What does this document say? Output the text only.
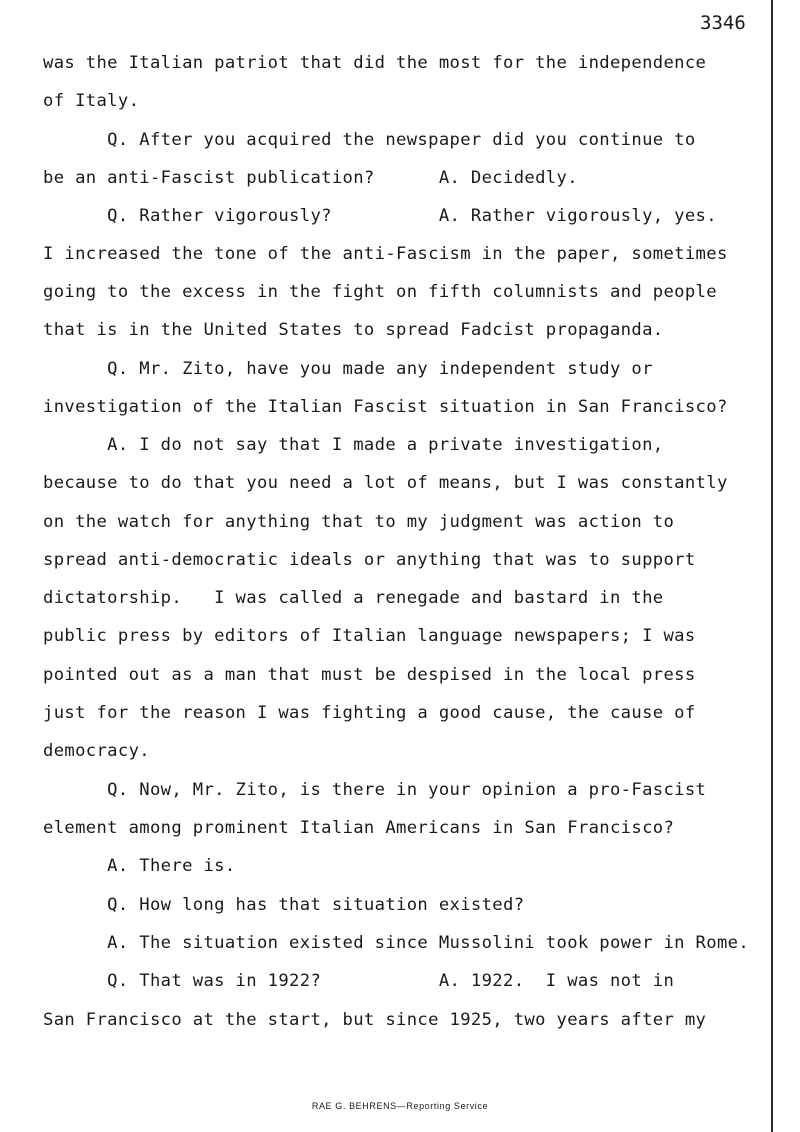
3346
was the Italian patriot that did the most for the independence
of Italy.
Q. After you acquired the newspaper did you continue to
be an anti-Fascist publication?      A. Decidedly.
Q. Rather vigorously?          A. Rather vigorously, yes.
I increased the tone of the anti-Fascism in the paper, sometimes
going to the excess in the fight on fifth columnists and people
that is in the United States to spread Fadcist propaganda.
Q. Mr. Zito, have you made any independent study or
investigation of the Italian Fascist situation in San Francisco?
A. I do not say that I made a private investigation,
because to do that you need a lot of means, but I was constantly
on the watch for anything that to my judgment was action to
spread anti-democratic ideals or anything that was to support
dictatorship.   I was called a renegade and bastard in the
public press by editors of Italian language newspapers; I was
pointed out as a man that must be despised in the local press
just for the reason I was fighting a good cause, the cause of
democracy.
Q. Now, Mr. Zito, is there in your opinion a pro-Fascist
element among prominent Italian Americans in San Francisco?
A. There is.
Q. How long has that situation existed?
A. The situation existed since Mussolini took power in Rome.
Q. That was in 1922?           A. 1922.  I was not in
San Francisco at the start, but since 1925, two years after my
RAE G. BEHRENS—Reporting Service
